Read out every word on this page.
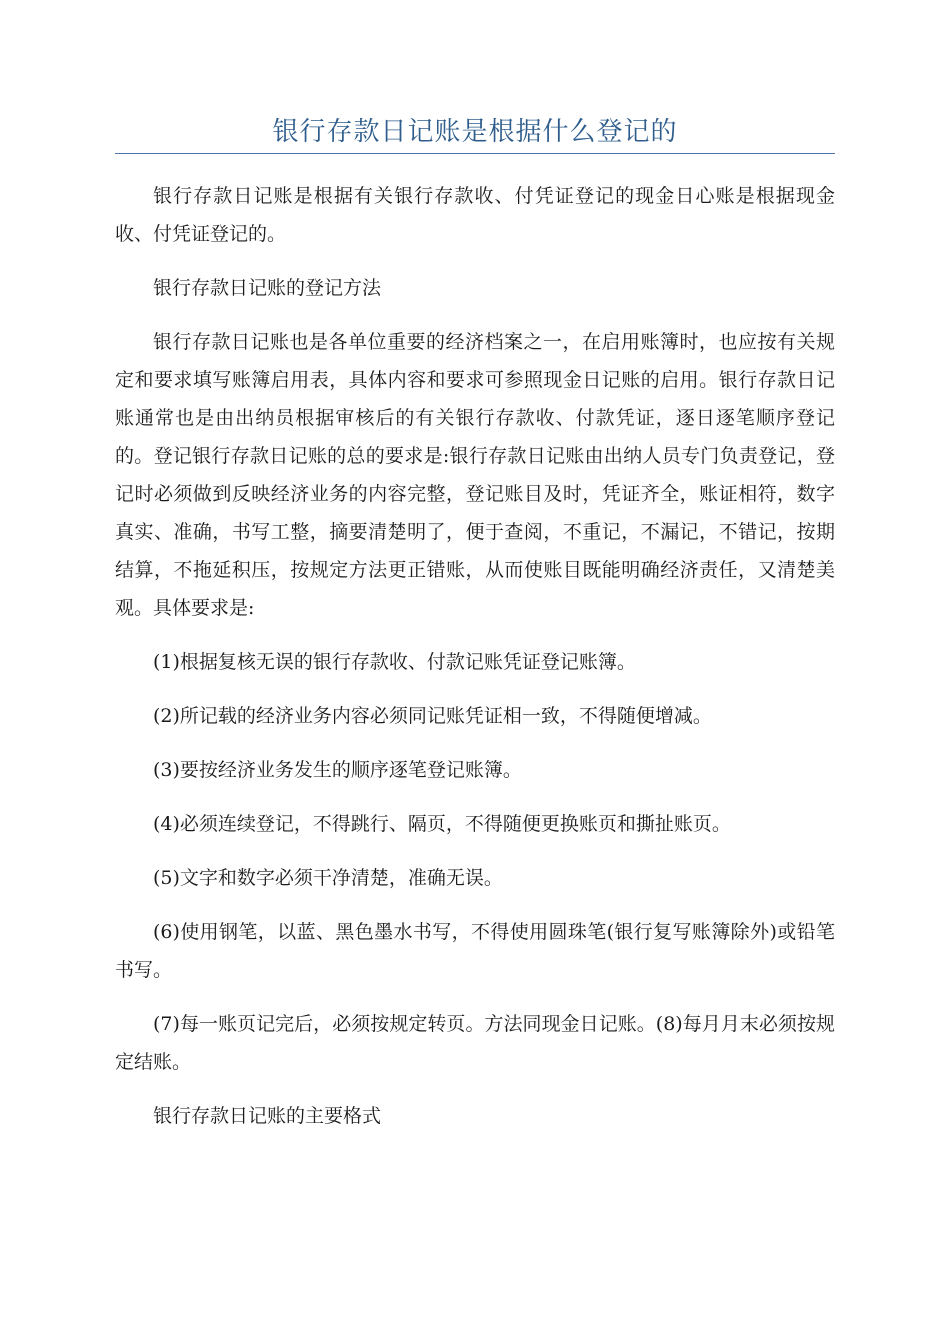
银行存款日记账是根据什么登记的

银行存款日记账是根据有关银行存款收、付凭证登记的现金日心账是根据现金收、付凭证登记的。

银行存款日记账的登记方法

银行存款日记账也是各单位重要的经济档案之一，在启用账簿时，也应按有关规定和要求填写账簿启用表，具体内容和要求可参照现金日记账的启用。银行存款日记账通常也是由出纳员根据审核后的有关银行存款收、付款凭证，逐日逐笔顺序登记的。登记银行存款日记账的总的要求是:银行存款日记账由出纳人员专门负责登记，登记时必须做到反映经济业务的内容完整，登记账目及时，凭证齐全，账证相符，数字真实、准确，书写工整，摘要清楚明了，便于查阅，不重记，不漏记，不错记，按期结算，不拖延积压，按规定方法更正错账，从而使账目既能明确经济责任，又清楚美观。具体要求是:

(1)根据复核无误的银行存款收、付款记账凭证登记账簿。

(2)所记载的经济业务内容必须同记账凭证相一致，不得随便增减。

(3)要按经济业务发生的顺序逐笔登记账簿。

(4)必须连续登记，不得跳行、隔页，不得随便更换账页和撕扯账页。

(5)文字和数字必须干净清楚，准确无误。

(6)使用钢笔，以蓝、黑色墨水书写，不得使用圆珠笔(银行复写账簿除外)或铅笔书写。

(7)每一账页记完后，必须按规定转页。方法同现金日记账。(8)每月月末必须按规定结账。

银行存款日记账的主要格式
